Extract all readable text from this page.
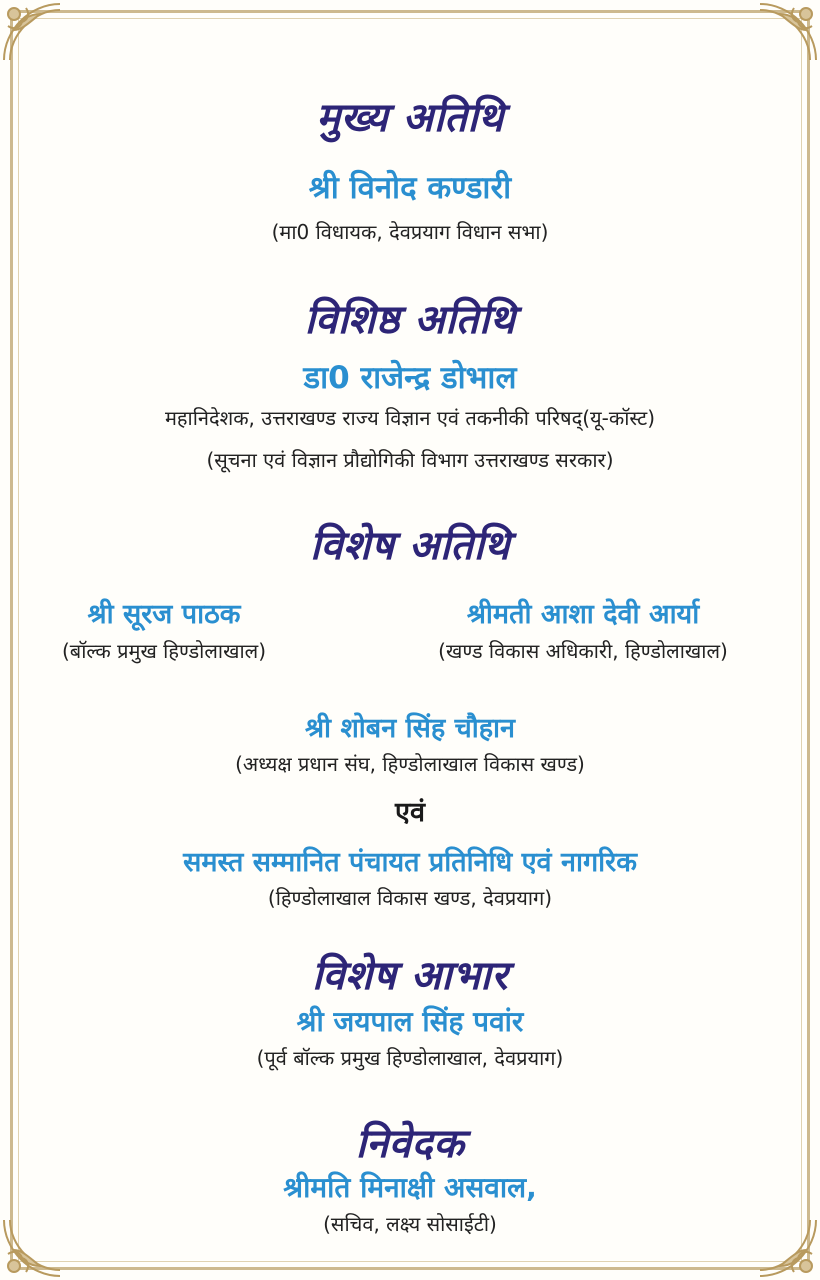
मुख्य अतिथि

श्री विनोद कण्डारी

(मा0 विधायक, देवप्रयाग विधान सभा)

विशिष्ठ अतिथि

डा0 राजेन्द्र डोभाल

महानिदेशक, उत्तराखण्ड राज्य विज्ञान एवं तकनीकी परिषद्(यू-कॉस्ट)

(सूचना एवं विज्ञान प्रौद्योगिकी विभाग उत्तराखण्ड सरकार)

विशेष अतिथि

श्री सूरज पाठक
(बॉल्क प्रमुख हिण्डोलाखाल)
श्रीमती आशा देवी आर्या
(खण्ड विकास अधिकारी, हिण्डोलाखाल)

श्री शोबन सिंह चौहान

(अध्यक्ष प्रधान संघ, हिण्डोलाखाल विकास खण्ड)

एवं

समस्त सम्मानित पंचायत प्रतिनिधि एवं नागरिक

(हिण्डोलाखाल विकास खण्ड, देवप्रयाग)

विशेष आभार

श्री जयपाल सिंह पवांर

(पूर्व बॉल्क प्रमुख हिण्डोलाखाल, देवप्रयाग)

निवेदक

श्रीमति मिनाक्षी असवाल,

(सचिव, लक्ष्य सोसाईटी)
